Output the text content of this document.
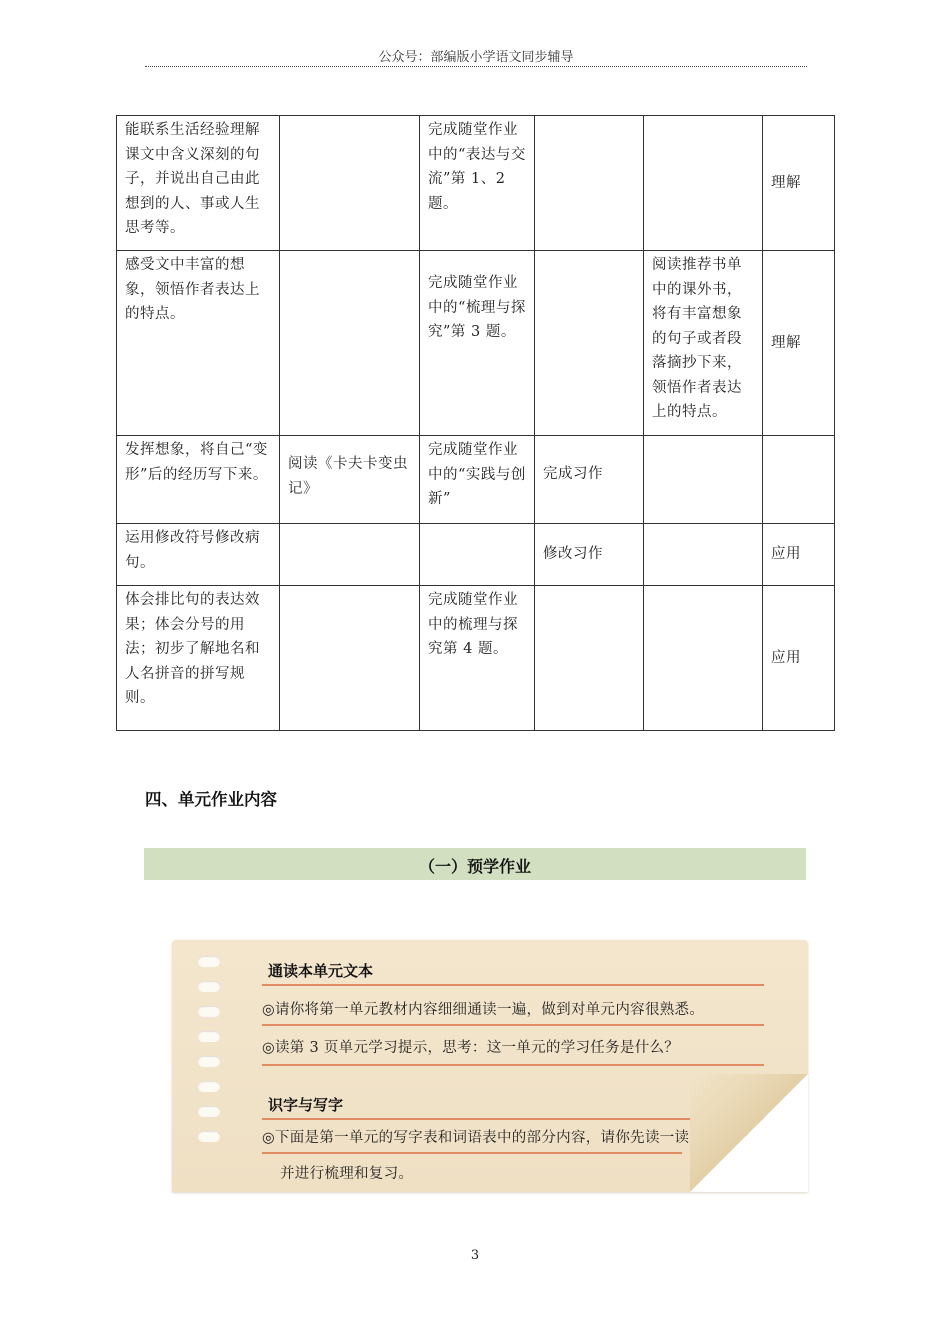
公众号：部编版小学语文同步辅导
能联系生活经验理解课文中含义深刻的句子，并说出自己由此想到的人、事或人生思考等。		完成随堂作业中的“表达与交流”第 1、2 题。			理解
感受文中丰富的想象，领悟作者表达上的特点。		完成随堂作业中的“梳理与探究”第 3 题。		阅读推荐书单中的课外书，将有丰富想象的句子或者段落摘抄下来，领悟作者表达上的特点。	理解
发挥想象，将自己“变形”后的经历写下来。	阅读《卡夫卡变虫记》	完成随堂作业中的“实践与创新”	完成习作		
运用修改符号修改病句。			修改习作		应用
体会排比句的表达效果；体会分号的用法；初步了解地名和人名拼音的拼写规则。		完成随堂作业中的梳理与探究第 4 题。			应用
四、单元作业内容
（一）预学作业
通读本单元文本
◎请你将第一单元教材内容细细通读一遍，做到对单元内容很熟悉。
◎读第 3 页单元学习提示，思考：这一单元的学习任务是什么？
识字与写字
◎下面是第一单元的写字表和词语表中的部分内容，请你先读一读
并进行梳理和复习。
3
